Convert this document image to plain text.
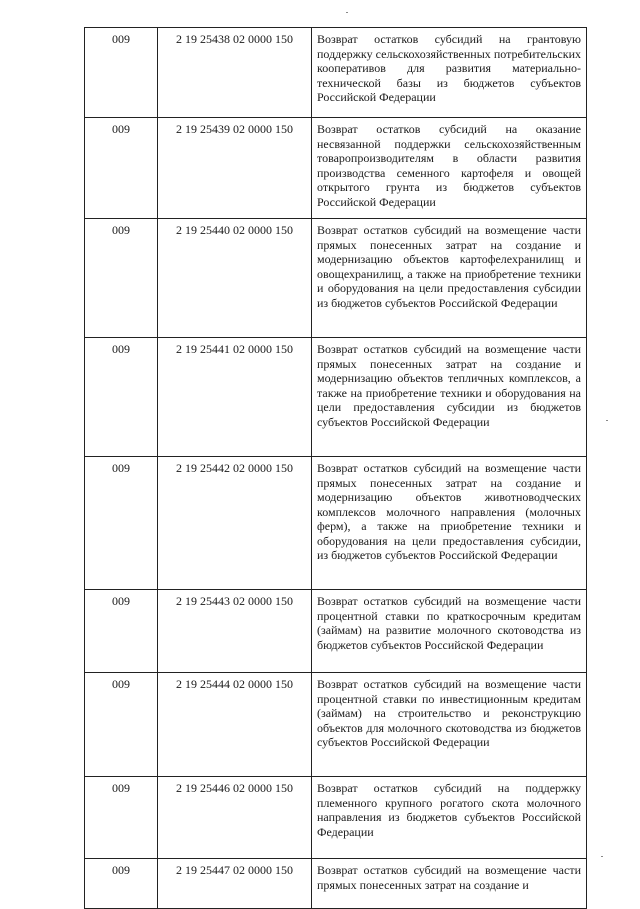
009	2 19 25438 02 0000 150	Возврат остатков субсидий на грантовую поддержку сельскохозяйственных потребительских кооперативов для развития материально-технической базы из бюджетов субъектов Российской Федерации
009	2 19 25439 02 0000 150	Возврат остатков субсидий на оказание несвязанной поддержки сельскохозяйственным товаропроизводителям в области развития производства семенного картофеля и овощей открытого грунта из бюджетов субъектов Российской Федерации
009	2 19 25440 02 0000 150	Возврат остатков субсидий на возмещение части прямых понесенных затрат на создание и модернизацию объектов картофелехранилищ и овощехранилищ, а также на приобретение техники и оборудования на цели предоставления субсидии из бюджетов субъектов Российской Федерации
009	2 19 25441 02 0000 150	Возврат остатков субсидий на возмещение части прямых понесенных затрат на создание и модернизацию объектов тепличных комплексов, а также на приобретение техники и оборудования на цели предоставления субсидии из бюджетов субъектов Российской Федерации
009	2 19 25442 02 0000 150	Возврат остатков субсидий на возмещение части прямых понесенных затрат на создание и модернизацию объектов животноводческих комплексов молочного направления (молочных ферм), а также на приобретение техники и оборудования на цели предоставления субсидии, из бюджетов субъектов Российской Федерации
009	2 19 25443 02 0000 150	Возврат остатков субсидий на возмещение части процентной ставки по краткосрочным кредитам (займам) на развитие молочного скотоводства из бюджетов субъектов Российской Федерации
009	2 19 25444 02 0000 150	Возврат остатков субсидий на возмещение части процентной ставки по инвестиционным кредитам (займам) на строительство и реконструкцию объектов для молочного скотоводства из бюджетов субъектов Российской Федерации
009	2 19 25446 02 0000 150	Возврат остатков субсидий на поддержку племенного крупного рогатого скота молочного направления из бюджетов субъектов Российской Федерации
009	2 19 25447 02 0000 150	Возврат остатков субсидий на возмещение части прямых понесенных затрат на создание и
